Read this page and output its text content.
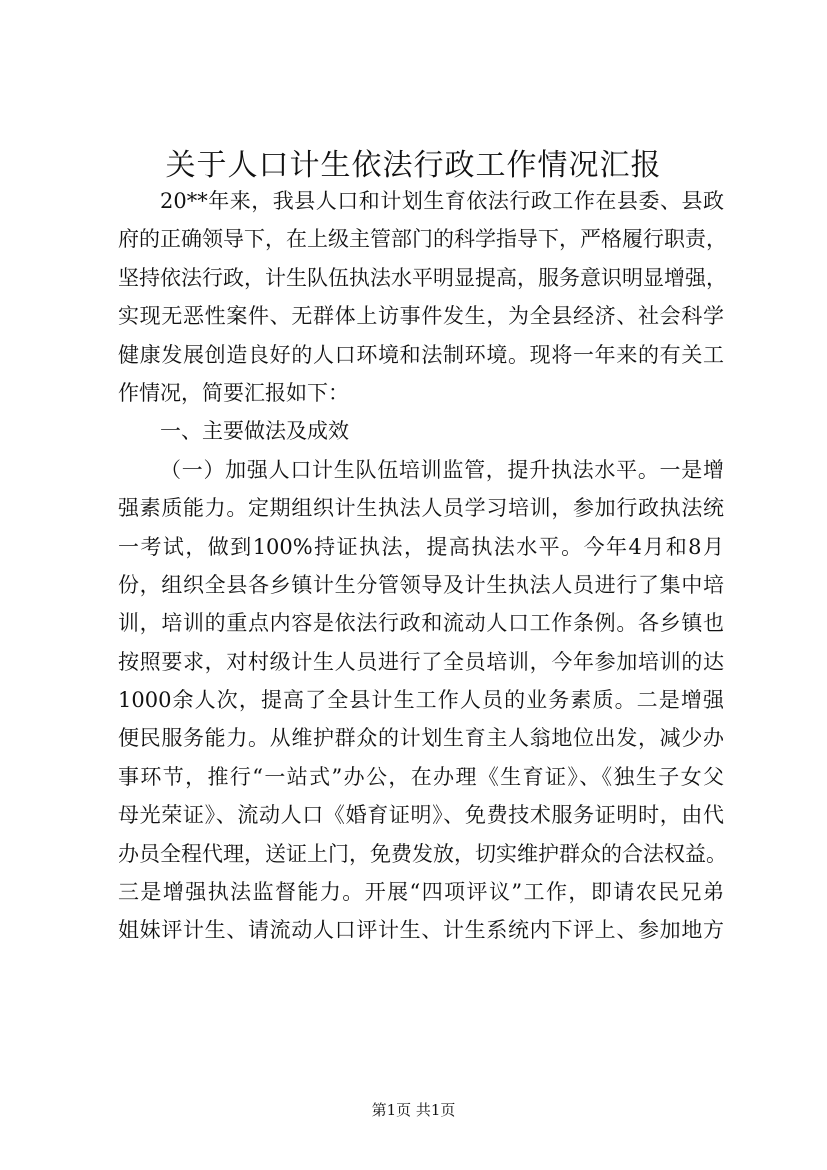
关于人口计生依法行政工作情况汇报
20**年来，我县人口和计划生育依法行政工作在县委、县政
府的正确领导下，在上级主管部门的科学指导下，严格履行职责，
坚持依法行政，计生队伍执法水平明显提高，服务意识明显增强，
实现无恶性案件、无群体上访事件发生，为全县经济、社会科学
健康发展创造良好的人口环境和法制环境。现将一年来的有关工
作情况，简要汇报如下：
一、主要做法及成效
（一）加强人口计生队伍培训监管，提升执法水平。一是增
强素质能力。定期组织计生执法人员学习培训，参加行政执法统
一考试，做到100%持证执法，提高执法水平。今年4月和8月
份，组织全县各乡镇计生分管领导及计生执法人员进行了集中培
训，培训的重点内容是依法行政和流动人口工作条例。各乡镇也
按照要求，对村级计生人员进行了全员培训，今年参加培训的达
1000余人次，提高了全县计生工作人员的业务素质。二是增强
便民服务能力。从维护群众的计划生育主人翁地位出发，减少办
事环节，推行“一站式”办公，在办理《生育证》、《独生子女父
母光荣证》、流动人口《婚育证明》、免费技术服务证明时，由代
办员全程代理，送证上门，免费发放，切实维护群众的合法权益。
三是增强执法监督能力。开展“四项评议”工作，即请农民兄弟
姐妹评计生、请流动人口评计生、计生系统内下评上、参加地方
第1页 共1页
